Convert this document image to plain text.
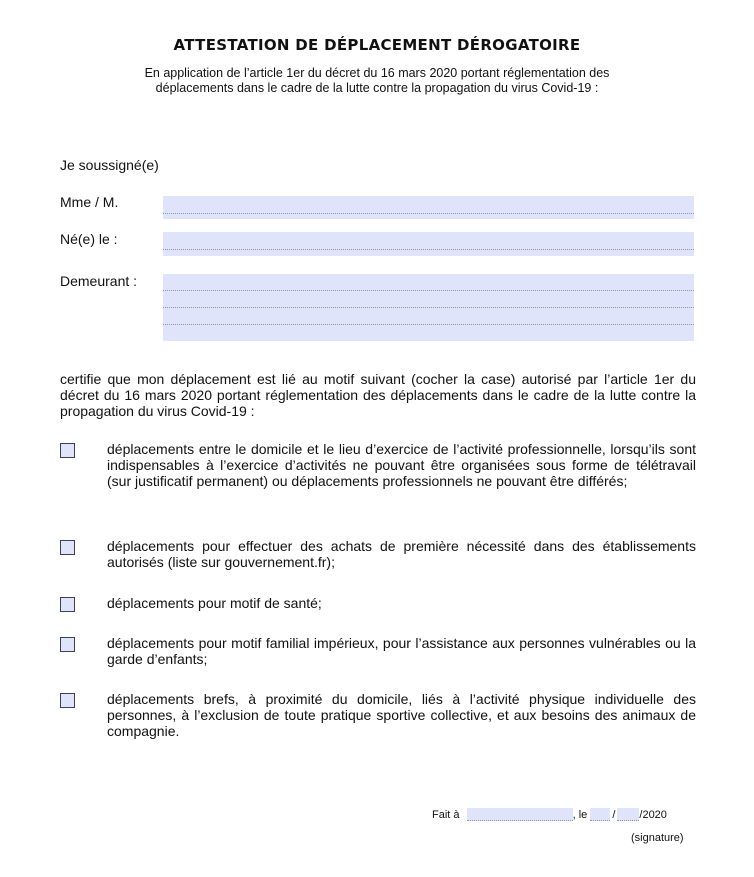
ATTESTATION DE DÉPLACEMENT DÉROGATOIRE
En application de l’article 1er du décret du 16 mars 2020 portant réglementation des
déplacements dans le cadre de la lutte contre la propagation du virus Covid-19 :
Je soussigné(e)
Mme / M.
Né(e) le :
Demeurant :
certifie que mon déplacement est lié au motif suivant (cocher la case) autorisé par l’article 1er du décret du 16 mars 2020 portant réglementation des déplacements dans le cadre de la lutte contre la propagation du virus Covid-19 :
déplacements entre le domicile et le lieu d’exercice de l’activité professionnelle, lorsqu’ils sont indispensables à l’exercice d’activités ne pouvant être organisées sous forme de télétravail (sur justificatif permanent) ou déplacements professionnels ne pouvant être différés;
déplacements pour effectuer des achats de première nécessité dans des établissements autorisés (liste sur gouvernement.fr);
déplacements pour motif de santé;
déplacements pour motif familial impérieux, pour l’assistance aux personnes vulnérables ou la garde d’enfants;
déplacements brefs, à proximité du domicile, liés à l’activité physique individuelle des personnes, à l’exclusion de toute pratique sportive collective, et aux besoins des animaux de compagnie.
Fait à	, le / /2020
(signature)
